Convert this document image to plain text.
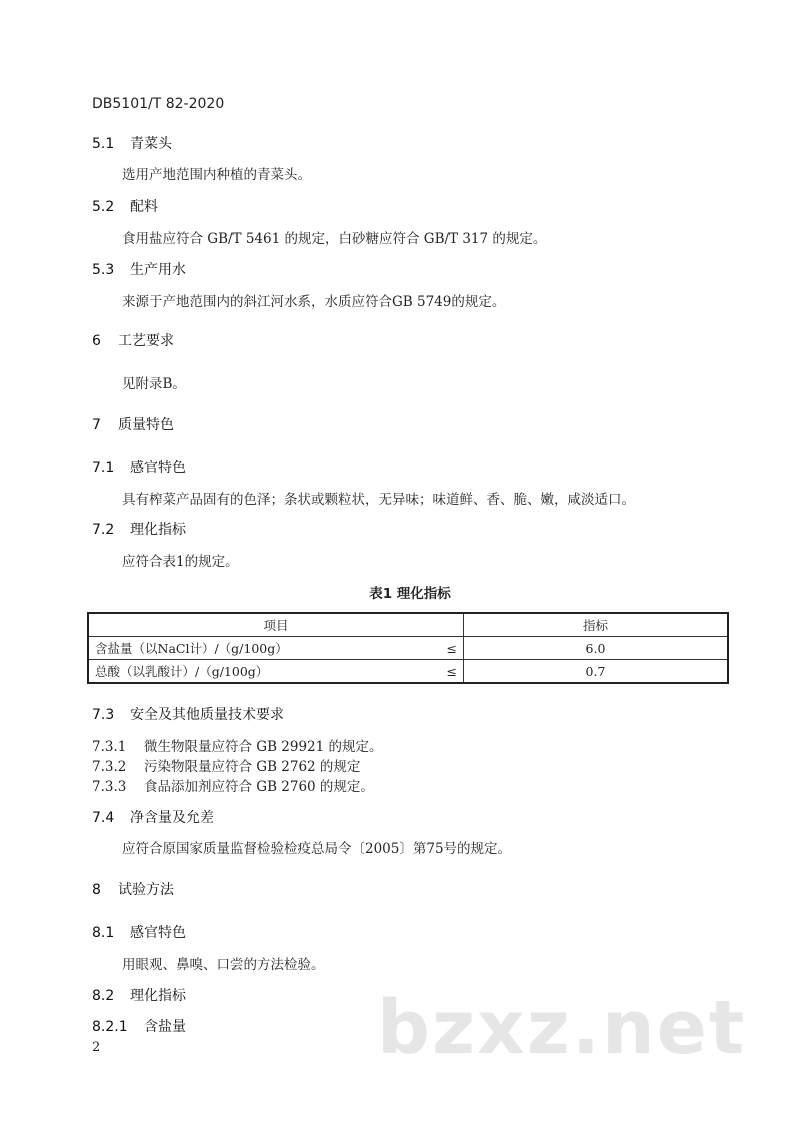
DB5101/T 82-2020
5.1 青菜头
选用产地范围内种植的青菜头。
5.2 配料
食用盐应符合 GB/T 5461 的规定，白砂糖应符合 GB/T 317 的规定。
5.3 生产用水
来源于产地范围内的斜江河水系，水质应符合GB 5749的规定。
6 工艺要求
见附录B。
7 质量特色
7.1 感官特色
具有榨菜产品固有的色泽；条状或颗粒状，无异味；味道鲜、香、脆、嫩，咸淡适口。
7.2 理化指标
应符合表1的规定。
表1 理化指标
项目	指标

含盐量（以NaCl计）/（g/100g） ≤	6.0

总酸（以乳酸计）/（g/100g） ≤	0.7
7.3 安全及其他质量技术要求
7.3.1 微生物限量应符合 GB 29921 的规定。
7.3.2 污染物限量应符合 GB 2762 的规定
7.3.3 食品添加剂应符合 GB 2760 的规定。
7.4 净含量及允差
应符合原国家质量监督检验检疫总局令〔2005〕第75号的规定。
8 试验方法
8.1 感官特色
用眼观、鼻嗅、口尝的方法检验。
8.2 理化指标
8.2.1 含盐量
2	bzxz.net
